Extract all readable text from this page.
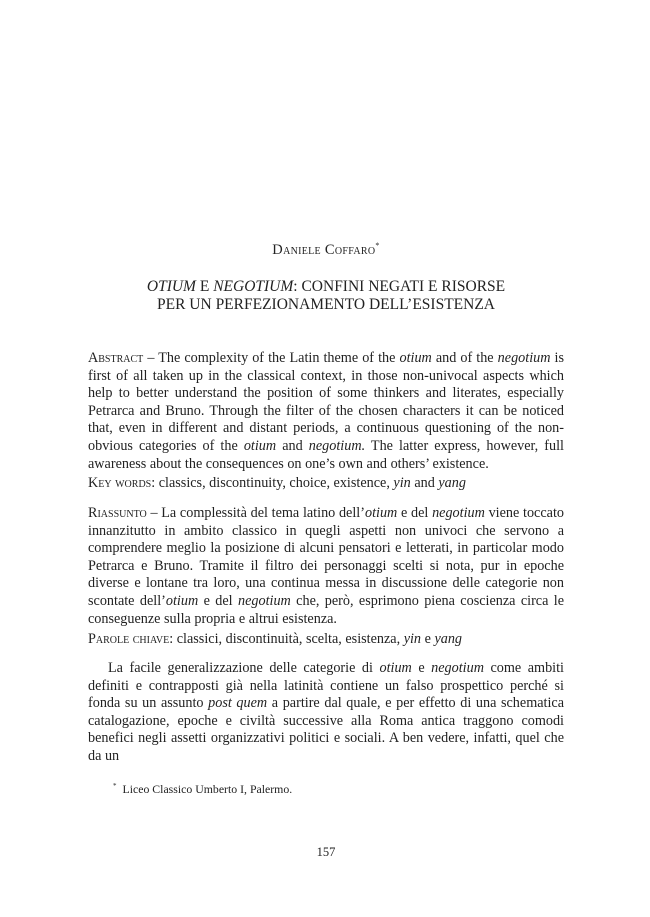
Daniele Coffaro*
OTIUM E NEGOTIUM: CONFINI NEGATI E RISORSE
PER UN PERFEZIONAMENTO DELL’ESISTENZA
Abstract – The complexity of the Latin theme of the otium and of the negotium is first of all taken up in the classical context, in those non-univocal aspects which help to better understand the position of some thinkers and literates, especially Petrarca and Bruno. Through the filter of the chosen characters it can be noticed that, even in different and distant periods, a continuous questioning of the non-obvious categories of the otium and negotium. The latter express, however, full awareness about the consequences on one’s own and others’ existence.
Key words: classics, discontinuity, choice, existence, yin and yang
Riassunto – La complessità del tema latino dell’otium e del negotium viene toccato innanzitutto in ambito classico in quegli aspetti non univoci che servono a comprendere meglio la posizione di alcuni pensatori e letterati, in particolar modo Petrarca e Bruno. Tramite il filtro dei personaggi scelti si nota, pur in epoche diverse e lontane tra loro, una continua messa in discussione delle categorie non scontate dell’otium e del negotium che, però, esprimono piena coscienza circa le conseguenze sulla propria e altrui esistenza.
Parole chiave: classici, discontinuità, scelta, esistenza, yin e yang
La facile generalizzazione delle categorie di otium e negotium come ambiti definiti e contrapposti già nella latinità contiene un falso prospettico perché si fonda su un assunto post quem a partire dal quale, e per effetto di una schematica catalogazione, epoche e civiltà successive alla Roma antica traggono comodi benefici negli assetti organizzativi politici e sociali. A ben vedere, infatti, quel che da un
* Liceo Classico Umberto I, Palermo.
157
